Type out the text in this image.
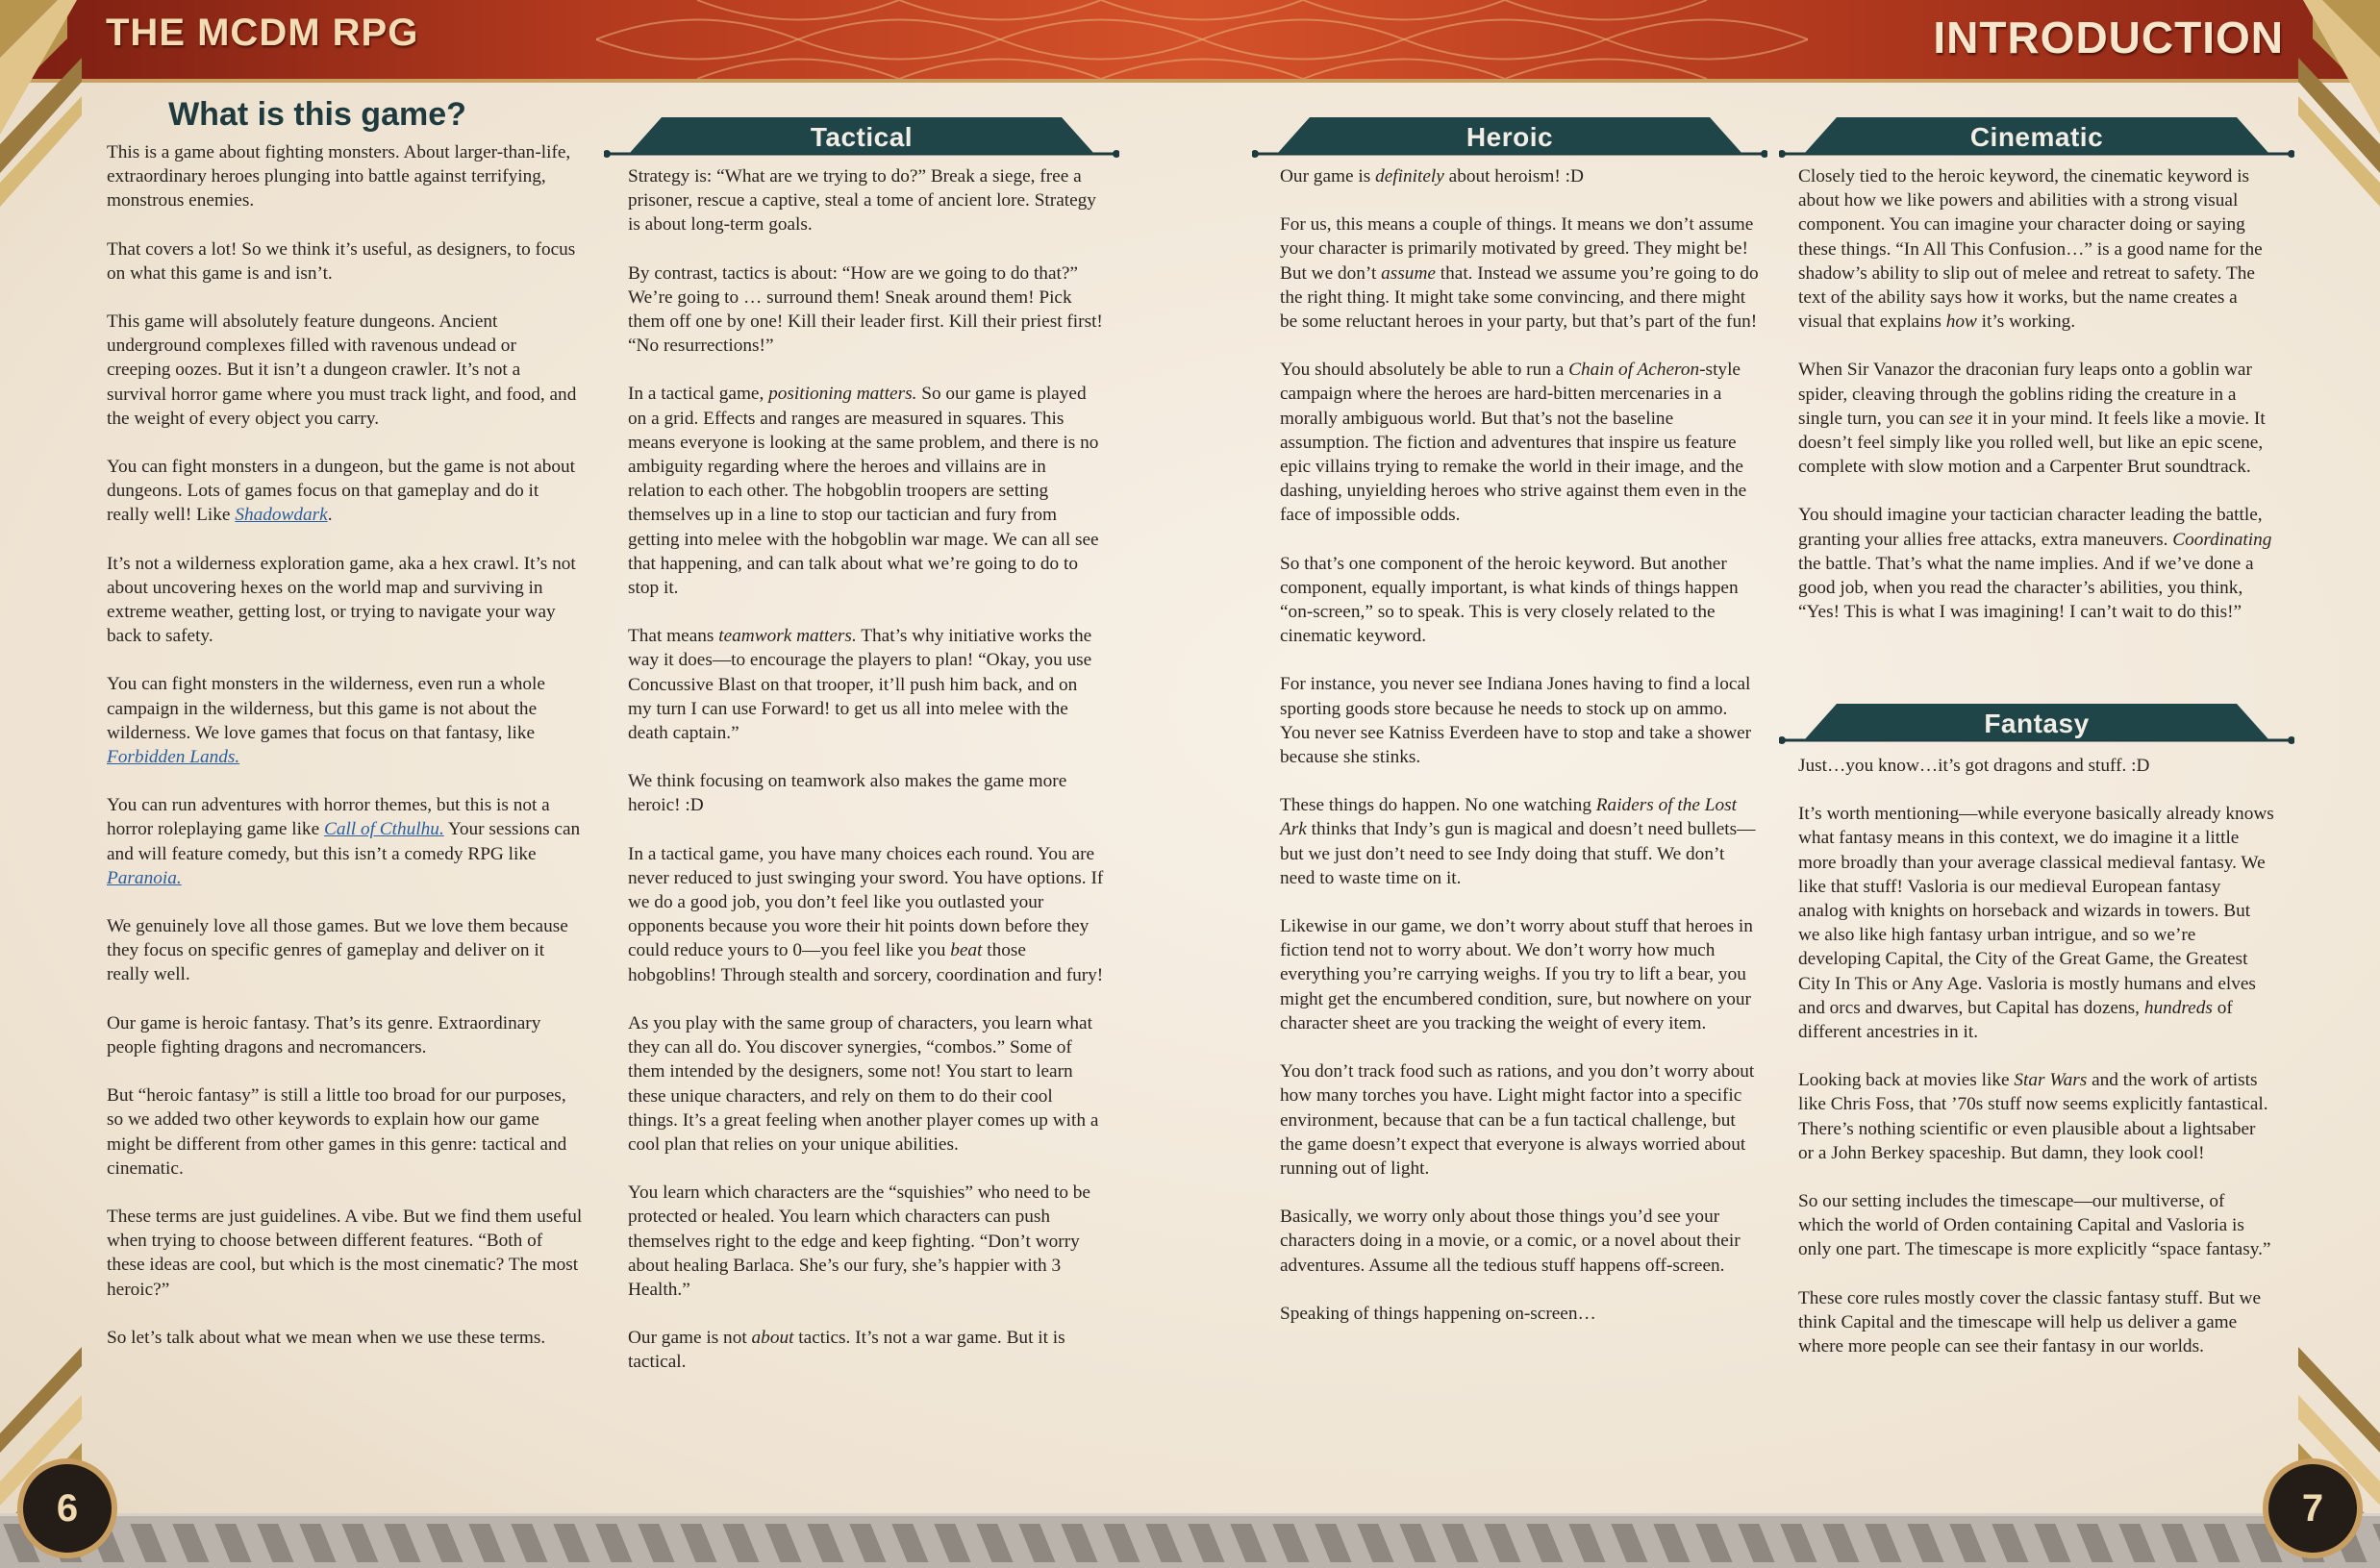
THE MCDM RPG	INTRODUCTION
6	7
What is this game?

This is a game about fighting monsters. About larger-than-life, extraordinary heroes plunging into battle against terrifying, monstrous enemies.

That covers a lot! So we think it’s useful, as designers, to focus on what this game is and isn’t.

This game will absolutely feature dungeons. Ancient underground complexes filled with ravenous undead or creeping oozes. But it isn’t a dungeon crawler. It’s not a survival horror game where you must track light, and food, and the weight of every object you carry.

You can fight monsters in a dungeon, but the game is not about dungeons. Lots of games focus on that gameplay and do it really well! Like Shadowdark.

It’s not a wilderness exploration game, aka a hex crawl. It’s not about uncovering hexes on the world map and surviving in extreme weather, getting lost, or trying to navigate your way back to safety.

You can fight monsters in the wilderness, even run a whole campaign in the wilderness, but this game is not about the wilderness. We love games that focus on that fantasy, like Forbidden Lands.

You can run adventures with horror themes, but this is not a horror roleplaying game like Call of Cthulhu. Your sessions can and will feature comedy, but this isn’t a comedy RPG like Paranoia.

We genuinely love all those games. But we love them because they focus on specific genres of gameplay and deliver on it really well.

Our game is heroic fantasy. That’s its genre. Extraordinary people fighting dragons and necromancers.

But “heroic fantasy” is still a little too broad for our purposes, so we added two other keywords to explain how our game might be different from other games in this genre: tactical and cinematic.

These terms are just guidelines. A vibe. But we find them useful when trying to choose between different features. “Both of these ideas are cool, but which is the most cinematic? The most heroic?”

So let’s talk about what we mean when we use these terms.

Tactical

Strategy is: “What are we trying to do?” Break a siege, free a prisoner, rescue a captive, steal a tome of ancient lore. Strategy is about long-term goals.

By contrast, tactics is about: “How are we going to do that?” We’re going to … surround them! Sneak around them! Pick them off one by one! Kill their leader first. Kill their priest first! “No resurrections!”

In a tactical game, positioning matters. So our game is played on a grid. Effects and ranges are measured in squares. This means everyone is looking at the same problem, and there is no ambiguity regarding where the heroes and villains are in relation to each other. The hobgoblin troopers are setting themselves up in a line to stop our tactician and fury from getting into melee with the hobgoblin war mage. We can all see that happening, and can talk about what we’re going to do to stop it.

That means teamwork matters. That’s why initiative works the way it does—to encourage the players to plan! “Okay, you use Concussive Blast on that trooper, it’ll push him back, and on my turn I can use Forward! to get us all into melee with the death captain.”

We think focusing on teamwork also makes the game more heroic! :D

In a tactical game, you have many choices each round. You are never reduced to just swinging your sword. You have options. If we do a good job, you don’t feel like you outlasted your opponents because you wore their hit points down before they could reduce yours to 0—you feel like you beat those hobgoblins! Through stealth and sorcery, coordination and fury!

As you play with the same group of characters, you learn what they can all do. You discover synergies, “combos.” Some of them intended by the designers, some not! You start to learn these unique characters, and rely on them to do their cool things. It’s a great feeling when another player comes up with a cool plan that relies on your unique abilities.

You learn which characters are the “squishies” who need to be protected or healed. You learn which characters can push themselves right to the edge and keep fighting. “Don’t worry about healing Barlaca. She’s our fury, she’s happier with 3 Health.”

Our game is not about tactics. It’s not a war game. But it is tactical.

Heroic

Our game is definitely about heroism! :D

For us, this means a couple of things. It means we don’t assume your character is primarily motivated by greed. They might be! But we don’t assume that. Instead we assume you’re going to do the right thing. It might take some convincing, and there might be some reluctant heroes in your party, but that’s part of the fun!

You should absolutely be able to run a Chain of Acheron-style campaign where the heroes are hard-bitten mercenaries in a morally ambiguous world. But that’s not the baseline assumption. The fiction and adventures that inspire us feature epic villains trying to remake the world in their image, and the dashing, unyielding heroes who strive against them even in the face of impossible odds.

So that’s one component of the heroic keyword. But another component, equally important, is what kinds of things happen “on-screen,” so to speak. This is very closely related to the cinematic keyword.

For instance, you never see Indiana Jones having to find a local sporting goods store because he needs to stock up on ammo. You never see Katniss Everdeen have to stop and take a shower because she stinks.

These things do happen. No one watching Raiders of the Lost Ark thinks that Indy’s gun is magical and doesn’t need bullets—but we just don’t need to see Indy doing that stuff. We don’t need to waste time on it.

Likewise in our game, we don’t worry about stuff that heroes in fiction tend not to worry about. We don’t worry how much everything you’re carrying weighs. If you try to lift a bear, you might get the encumbered condition, sure, but nowhere on your character sheet are you tracking the weight of every item.

You don’t track food such as rations, and you don’t worry about how many torches you have. Light might factor into a specific environment, because that can be a fun tactical challenge, but the game doesn’t expect that everyone is always worried about running out of light.

Basically, we worry only about those things you’d see your characters doing in a movie, or a comic, or a novel about their adventures. Assume all the tedious stuff happens off-screen.

Speaking of things happening on-screen…

Cinematic

Closely tied to the heroic keyword, the cinematic keyword is about how we like powers and abilities with a strong visual component. You can imagine your character doing or saying these things. “In All This Confusion…” is a good name for the shadow’s ability to slip out of melee and retreat to safety. The text of the ability says how it works, but the name creates a visual that explains how it’s working.

When Sir Vanazor the draconian fury leaps onto a goblin war spider, cleaving through the goblins riding the creature in a single turn, you can see it in your mind. It feels like a movie. It doesn’t feel simply like you rolled well, but like an epic scene, complete with slow motion and a Carpenter Brut soundtrack.

You should imagine your tactician character leading the battle, granting your allies free attacks, extra maneuvers. Coordinating the battle. That’s what the name implies. And if we’ve done a good job, when you read the character’s abilities, you think, “Yes! This is what I was imagining! I can’t wait to do this!”

Fantasy

Just…you know…it’s got dragons and stuff. :D

It’s worth mentioning—while everyone basically already knows what fantasy means in this context, we do imagine it a little more broadly than your average classical medieval fantasy. We like that stuff! Vasloria is our medieval European fantasy analog with knights on horseback and wizards in towers. But we also like high fantasy urban intrigue, and so we’re developing Capital, the City of the Great Game, the Greatest City In This or Any Age. Vasloria is mostly humans and elves and orcs and dwarves, but Capital has dozens, hundreds of different ancestries in it.

Looking back at movies like Star Wars and the work of artists like Chris Foss, that ’70s stuff now seems explicitly fantastical. There’s nothing scientific or even plausible about a lightsaber or a John Berkey spaceship. But damn, they look cool!

So our setting includes the timescape—our multiverse, of which the world of Orden containing Capital and Vasloria is only one part. The timescape is more explicitly “space fantasy.”

These core rules mostly cover the classic fantasy stuff. But we think Capital and the timescape will help us deliver a game where more people can see their fantasy in our worlds.
